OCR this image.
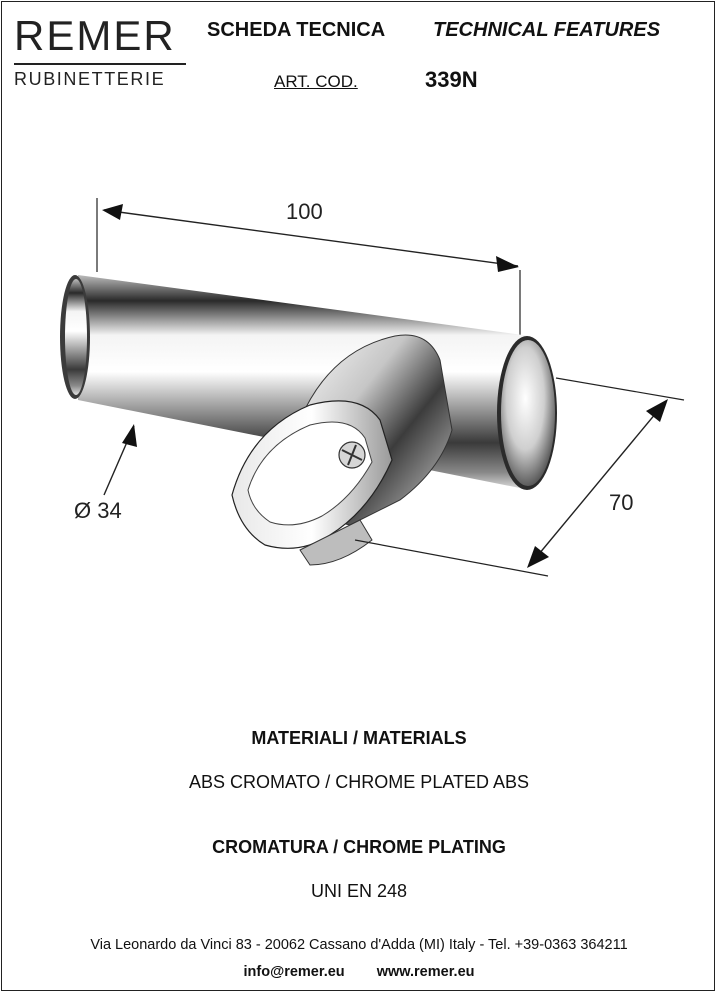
REMER
RUBINETTERIE
SCHEDA TECNICA TECHNICAL FEATURES
ART. COD.	339N
100
Ø 34	70
MATERIALI / MATERIALS
ABS CROMATO / CHROME PLATED ABS
CROMATURA / CHROME PLATING
UNI EN 248
Via Leonardo da Vinci 83 - 20062 Cassano d'Adda (MI) Italy - Tel. +39-0363 364211
info@remer.eu www.remer.eu
